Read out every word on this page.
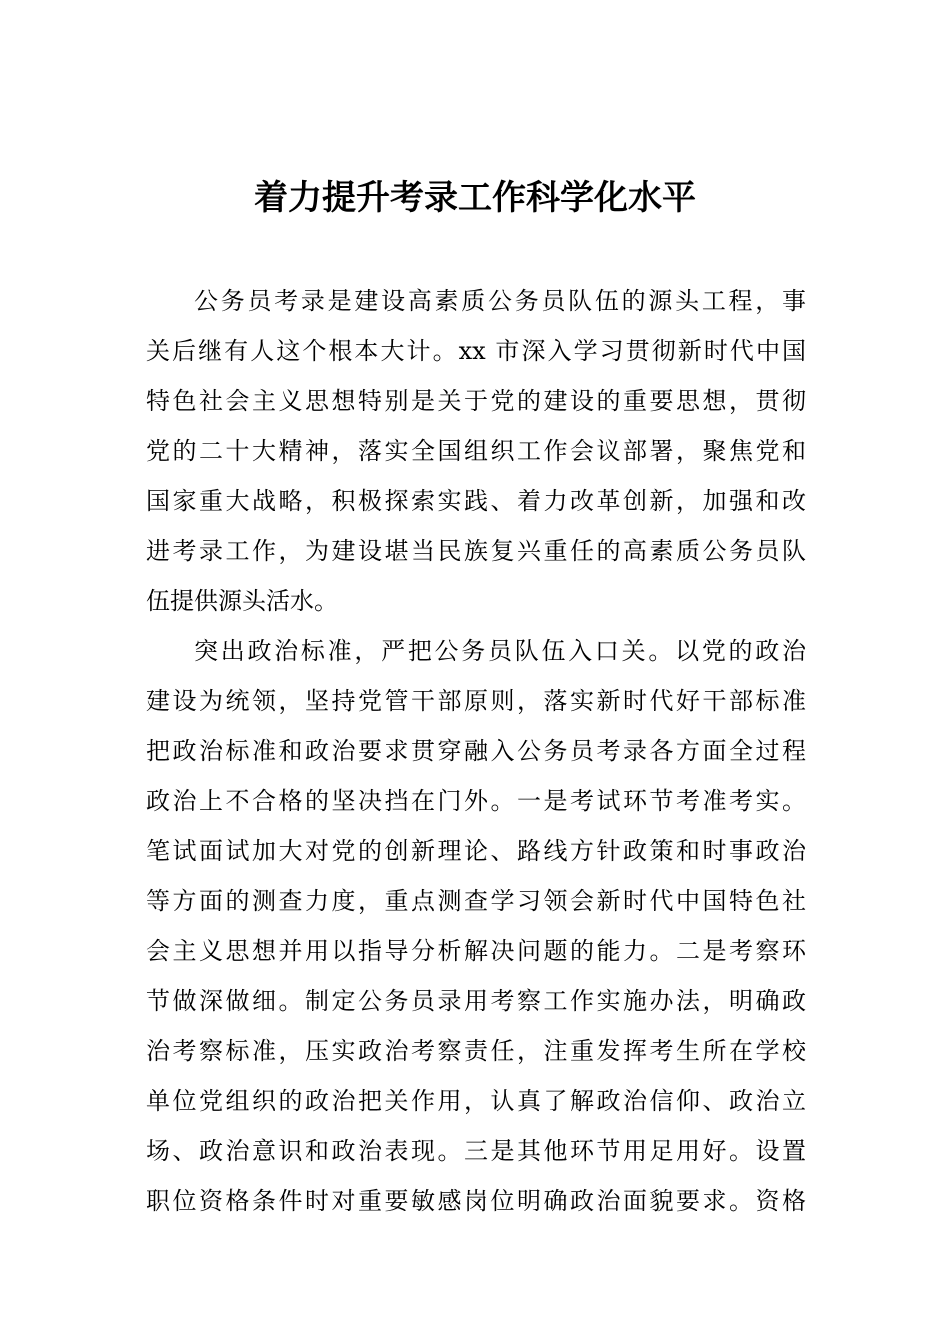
着力提升考录工作科学化水平
公务员考录是建设高素质公务员队伍的源头工程，事
关后继有人这个根本大计。xx 市深入学习贯彻新时代中国
特色社会主义思想特别是关于党的建设的重要思想，贯彻
党的二十大精神，落实全国组织工作会议部署，聚焦党和
国家重大战略，积极探索实践、着力改革创新，加强和改
进考录工作，为建设堪当民族复兴重任的高素质公务员队
伍提供源头活水。
突出政治标准，严把公务员队伍入口关。以党的政治
建设为统领，坚持党管干部原则，落实新时代好干部标准
把政治标准和政治要求贯穿融入公务员考录各方面全过程
政治上不合格的坚决挡在门外。一是考试环节考准考实。
笔试面试加大对党的创新理论、路线方针政策和时事政治
等方面的测查力度，重点测查学习领会新时代中国特色社
会主义思想并用以指导分析解决问题的能力。二是考察环
节做深做细。制定公务员录用考察工作实施办法，明确政
治考察标准，压实政治考察责任，注重发挥考生所在学校
单位党组织的政治把关作用，认真了解政治信仰、政治立
场、政治意识和政治表现。三是其他环节用足用好。设置
职位资格条件时对重要敏感岗位明确政治面貌要求。资格
